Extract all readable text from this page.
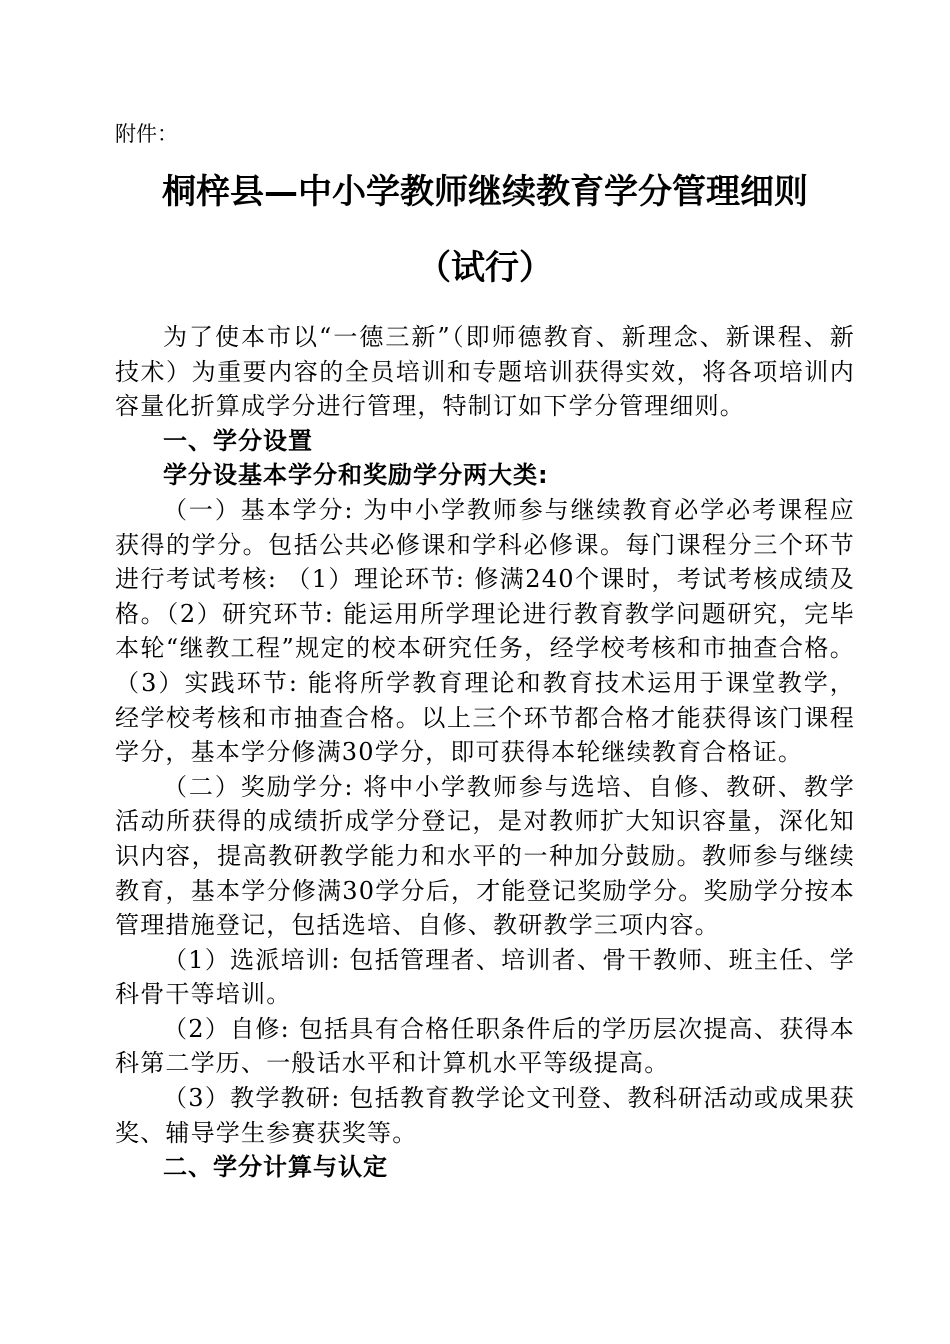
附件：
桐梓县—中小学教师继续教育学分管理细则
（试行）

为了使本市以“一德三新”（即师德教育、新理念、新课程、新技术）为重要内容的全员培训和专题培训获得实效，将各项培训内容量化折算成学分进行管理，特制订如下学分管理细则。

一、学分设置

学分设基本学分和奖励学分两大类:

（一）基本学分: 为中小学教师参与继续教育必学必考课程应获得的学分。包括公共必修课和学科必修课。每门课程分三个环节进行考试考核: （1）理论环节: 修满240个课时，考试考核成绩及格。（2）研究环节: 能运用所学理论进行教育教学问题研究，完毕本轮“继教工程”规定的校本研究任务，经学校考核和市抽查合格。（3）实践环节: 能将所学教育理论和教育技术运用于课堂教学，经学校考核和市抽查合格。以上三个环节都合格才能获得该门课程学分，基本学分修满30学分，即可获得本轮继续教育合格证。

（二）奖励学分: 将中小学教师参与选培、自修、教研、教学活动所获得的成绩折成学分登记，是对教师扩大知识容量，深化知识内容，提高教研教学能力和水平的一种加分鼓励。教师参与继续教育，基本学分修满30学分后，才能登记奖励学分。奖励学分按本管理措施登记，包括选培、自修、教研教学三项内容。

（1）选派培训: 包括管理者、培训者、骨干教师、班主任、学科骨干等培训。

（2）自修: 包括具有合格任职条件后的学历层次提高、获得本科第二学历、一般话水平和计算机水平等级提高。

（3）教学教研: 包括教育教学论文刊登、教科研活动或成果获奖、辅导学生参赛获奖等。

二、学分计算与认定
